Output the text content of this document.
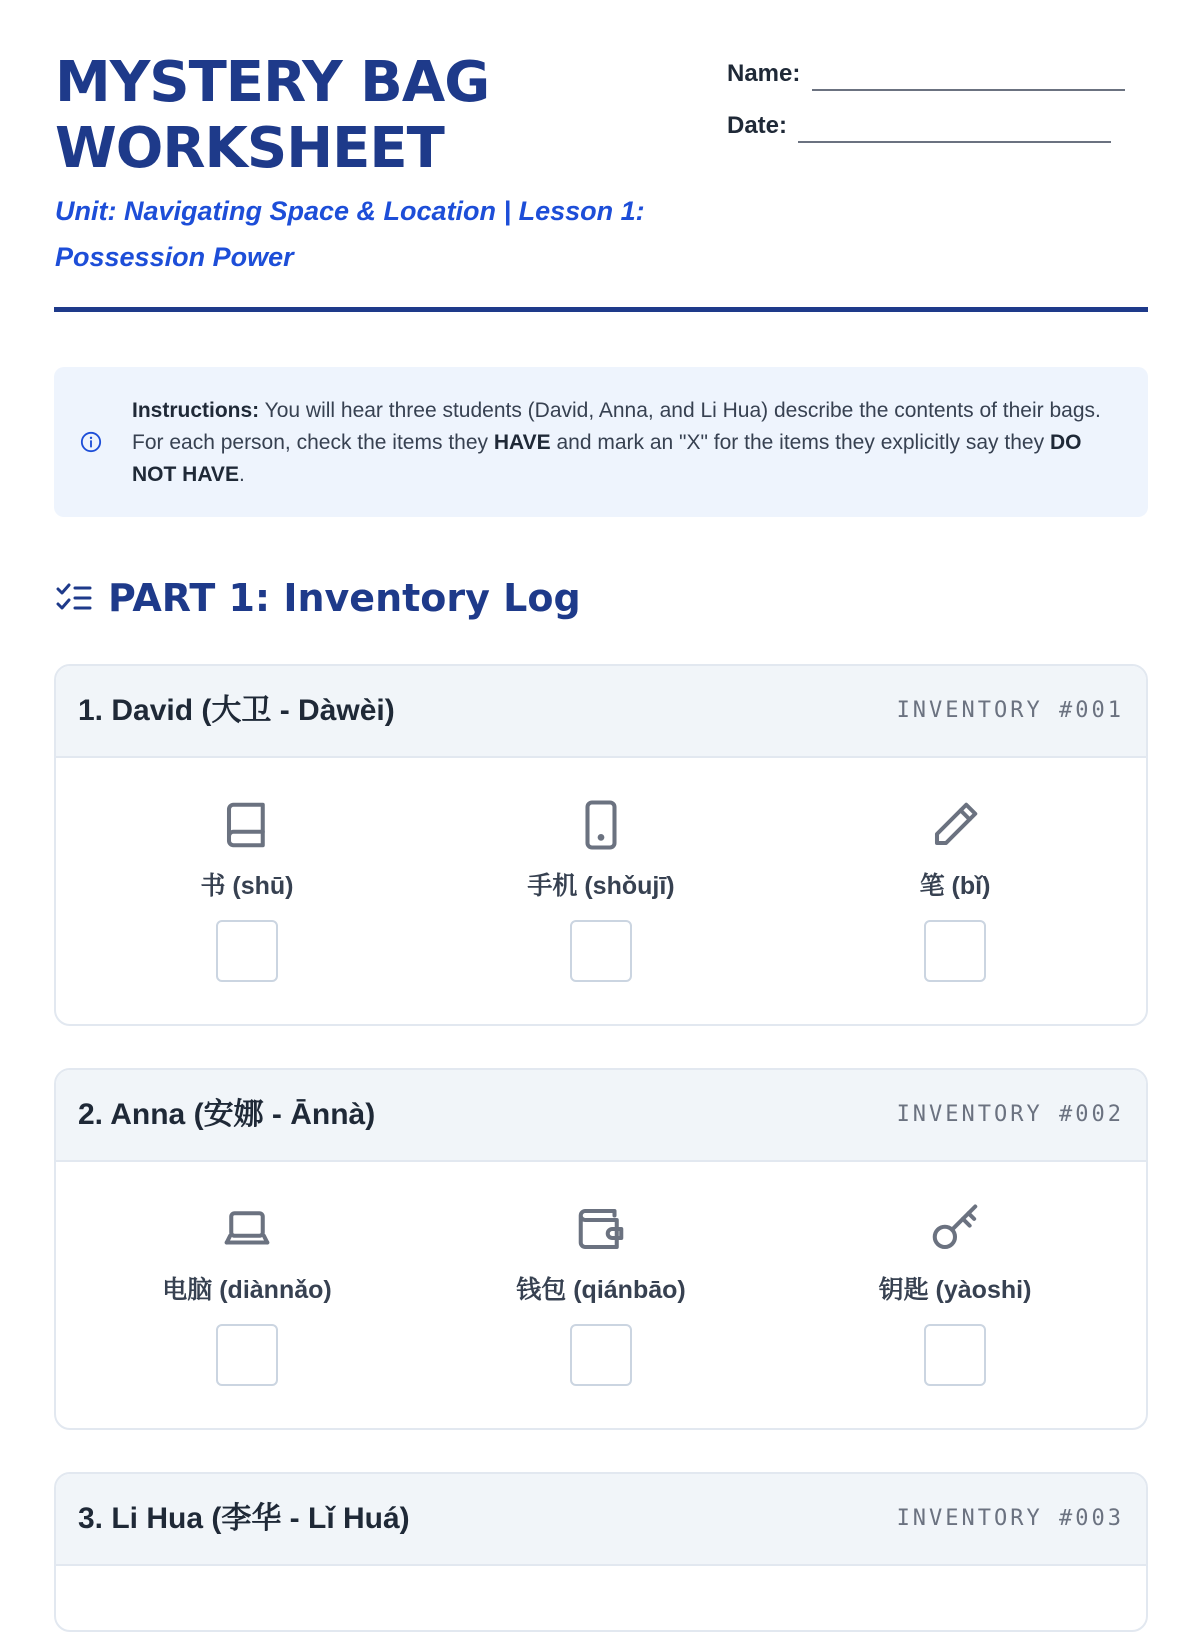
MYSTERY BAG
WORKSHEET
Unit: Navigating Space & Location | Lesson 1: Possession Power
Name:
Date:
Instructions: You will hear three students (David, Anna, and Li Hua) describe the contents of their bags. For each person, check the items they HAVE and mark an "X" for the items they explicitly say they DO NOT HAVE.
PART 1: Inventory Log
1. David (大卫 - Dàwèi)	INVENTORY #001
书 (shū)	手机 (shǒujī)	笔 (bǐ)
2. Anna (安娜 - Ānnà)	INVENTORY #002
电脑 (diànnǎo)	钱包 (qiánbāo)	钥匙 (yàoshi)
3. Li Hua (李华 - Lǐ Huá)	INVENTORY #003
